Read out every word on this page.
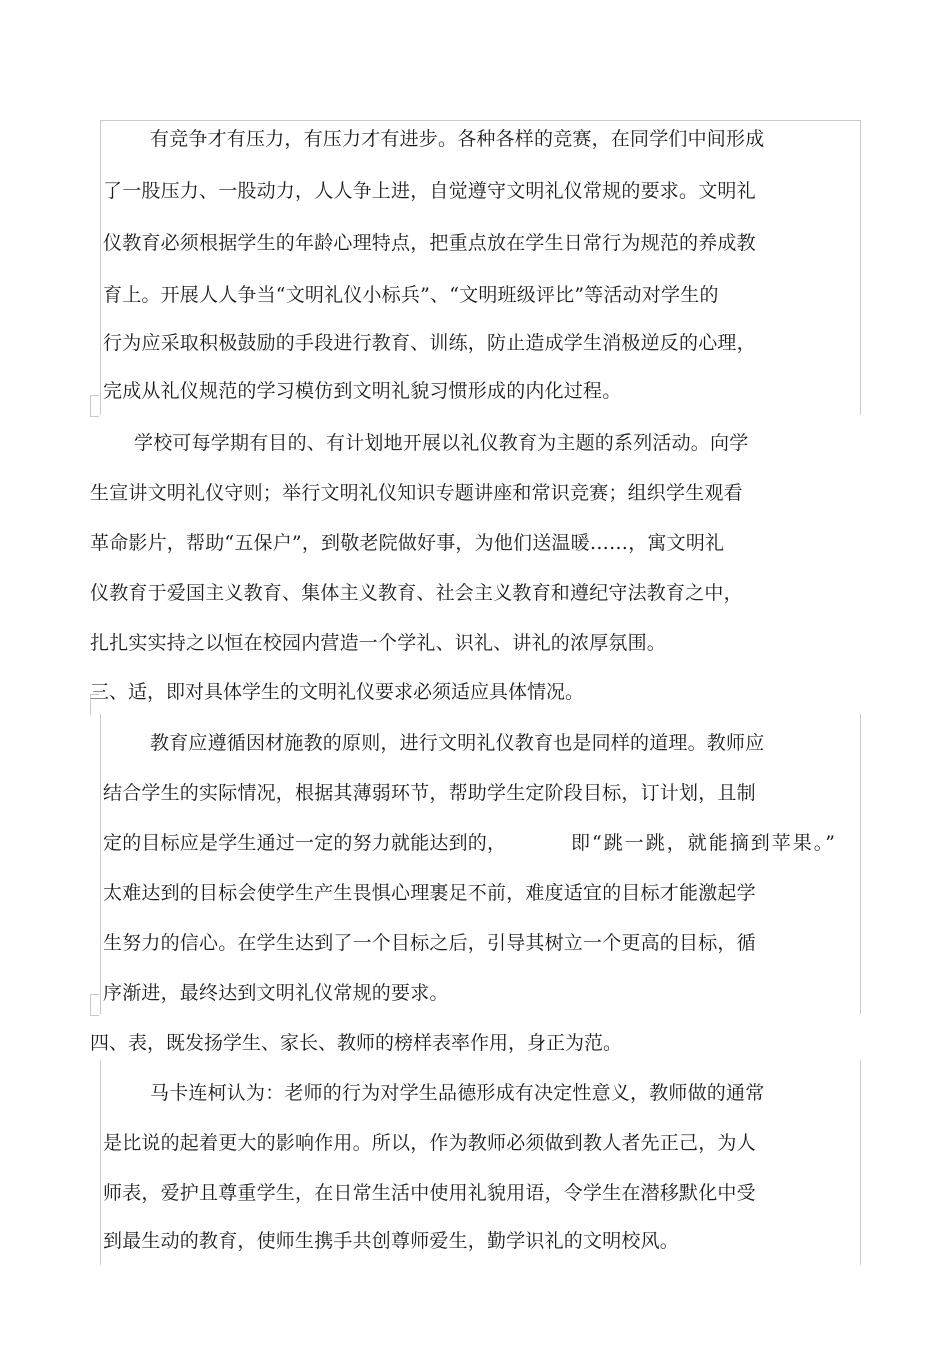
有竞争才有压力，有压力才有进步。各种各样的竞赛，在同学们中间形成
了一股压力、一股动力，人人争上进，自觉遵守文明礼仪常规的要求。文明礼
仪教育必须根据学生的年龄心理特点，把重点放在学生日常行为规范的养成教
育上。开展人人争当“文明礼仪小标兵”、“文明班级评比”等活动对学生的
行为应采取积极鼓励的手段进行教育、训练，防止造成学生消极逆反的心理，
完成从礼仪规范的学习模仿到文明礼貌习惯形成的内化过程。
学校可每学期有目的、有计划地开展以礼仪教育为主题的系列活动。向学
生宣讲文明礼仪守则；举行文明礼仪知识专题讲座和常识竞赛；组织学生观看
革命影片，帮助“五保户”，到敬老院做好事，为他们送温暖……，寓文明礼
仪教育于爱国主义教育、集体主义教育、社会主义教育和遵纪守法教育之中，
扎扎实实持之以恒在校园内营造一个学礼、识礼、讲礼的浓厚氛围。
三、适，即对具体学生的文明礼仪要求必须适应具体情况。
教育应遵循因材施教的原则，进行文明礼仪教育也是同样的道理。教师应
结合学生的实际情况，根据其薄弱环节，帮助学生定阶段目标，订计划，且制
定的目标应是学生通过一定的努力就能达到的，	即“跳一跳，就能摘到苹果。”
太难达到的目标会使学生产生畏惧心理裹足不前，难度适宜的目标才能激起学
生努力的信心。在学生达到了一个目标之后，引导其树立一个更高的目标，循
序渐进，最终达到文明礼仪常规的要求。
四、表，既发扬学生、家长、教师的榜样表率作用，身正为范。
马卡连柯认为：老师的行为对学生品德形成有决定性意义，教师做的通常
是比说的起着更大的影响作用。所以，作为教师必须做到教人者先正己，为人
师表，爱护且尊重学生，在日常生活中使用礼貌用语，令学生在潜移默化中受
到最生动的教育，使师生携手共创尊师爱生，勤学识礼的文明校风。
